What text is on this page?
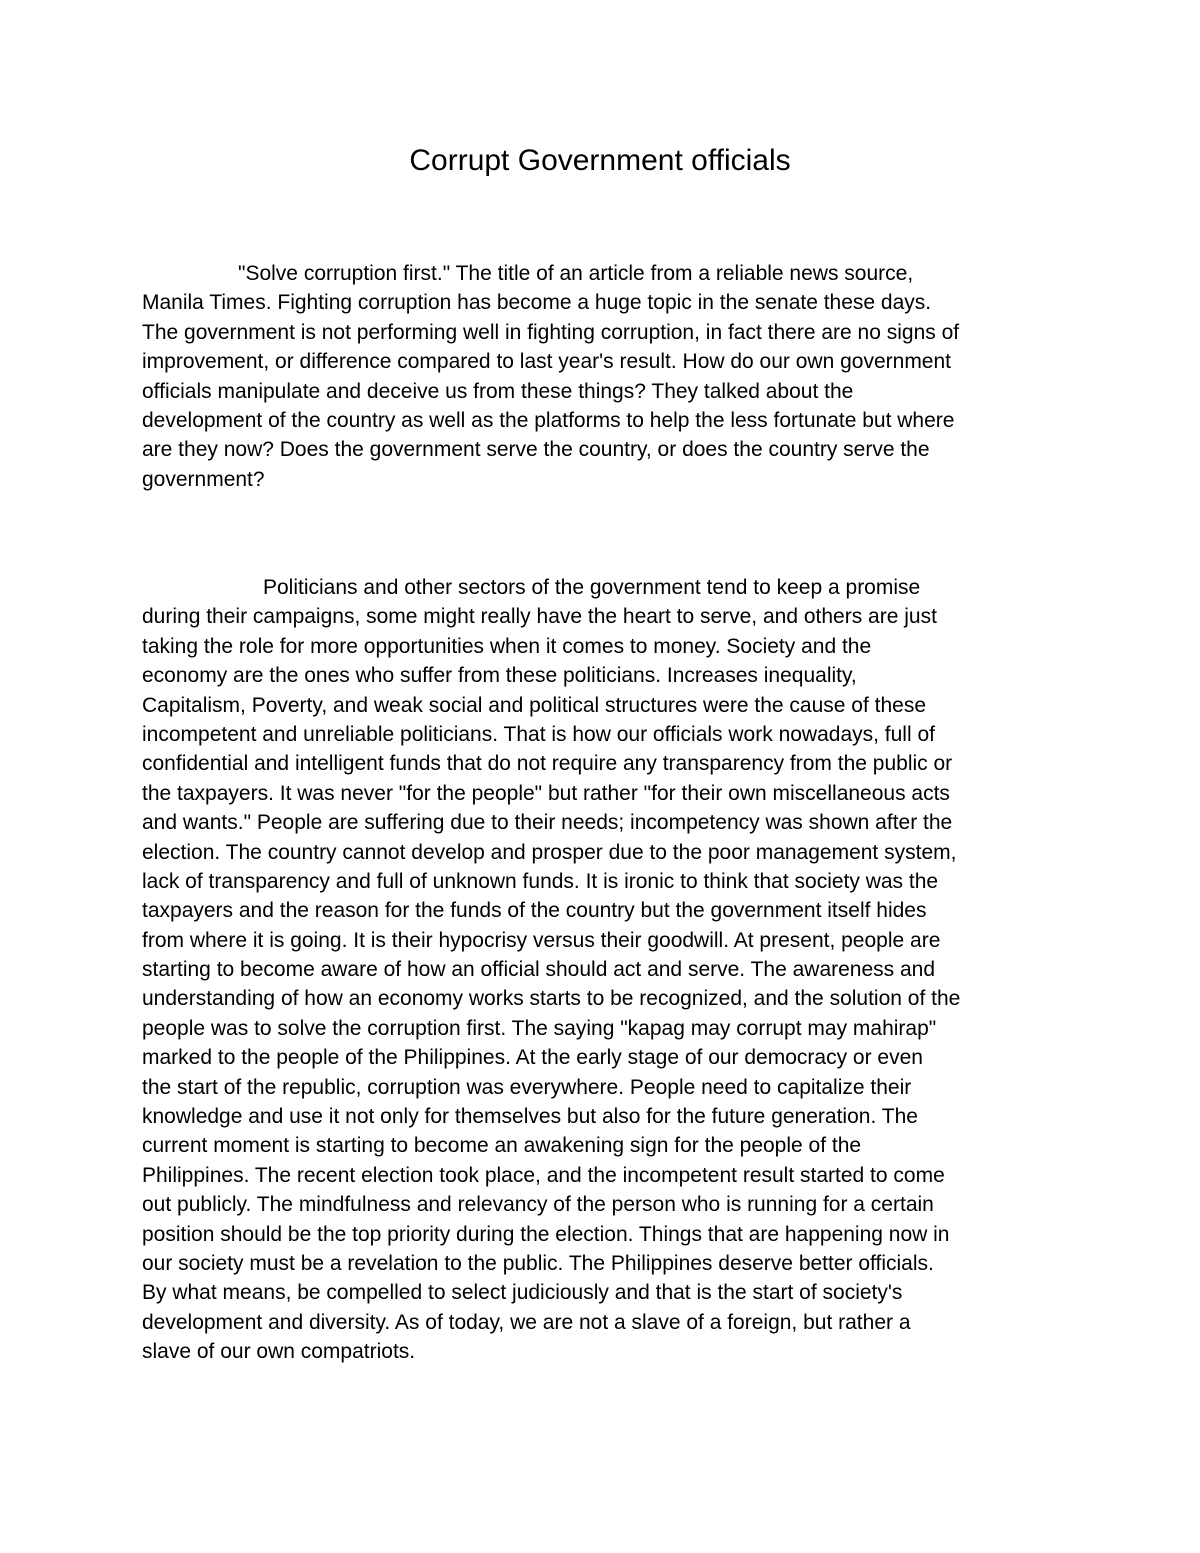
Corrupt Government officials

"Solve corruption first." The title of an article from a reliable news source,
Manila Times. Fighting corruption has become a huge topic in the senate these days.
The government is not performing well in fighting corruption, in fact there are no signs of
improvement, or difference compared to last year's result. How do our own government
officials manipulate and deceive us from these things? They talked about the
development of the country as well as the platforms to help the less fortunate but where
are they now? Does the government serve the country, or does the country serve the
government?

Politicians and other sectors of the government tend to keep a promise
during their campaigns, some might really have the heart to serve, and others are just
taking the role for more opportunities when it comes to money. Society and the
economy are the ones who suffer from these politicians. Increases inequality,
Capitalism, Poverty, and weak social and political structures were the cause of these
incompetent and unreliable politicians. That is how our officials work nowadays, full of
confidential and intelligent funds that do not require any transparency from the public or
the taxpayers. It was never "for the people" but rather "for their own miscellaneous acts
and wants." People are suffering due to their needs; incompetency was shown after the
election. The country cannot develop and prosper due to the poor management system,
lack of transparency and full of unknown funds. It is ironic to think that society was the
taxpayers and the reason for the funds of the country but the government itself hides
from where it is going. It is their hypocrisy versus their goodwill. At present, people are
starting to become aware of how an official should act and serve. The awareness and
understanding of how an economy works starts to be recognized, and the solution of the
people was to solve the corruption first. The saying "kapag may corrupt may mahirap"
marked to the people of the Philippines. At the early stage of our democracy or even
the start of the republic, corruption was everywhere. People need to capitalize their
knowledge and use it not only for themselves but also for the future generation. The
current moment is starting to become an awakening sign for the people of the
Philippines. The recent election took place, and the incompetent result started to come
out publicly. The mindfulness and relevancy of the person who is running for a certain
position should be the top priority during the election. Things that are happening now in
our society must be a revelation to the public. The Philippines deserve better officials.
By what means, be compelled to select judiciously and that is the start of society's
development and diversity. As of today, we are not a slave of a foreign, but rather a
slave of our own compatriots.
